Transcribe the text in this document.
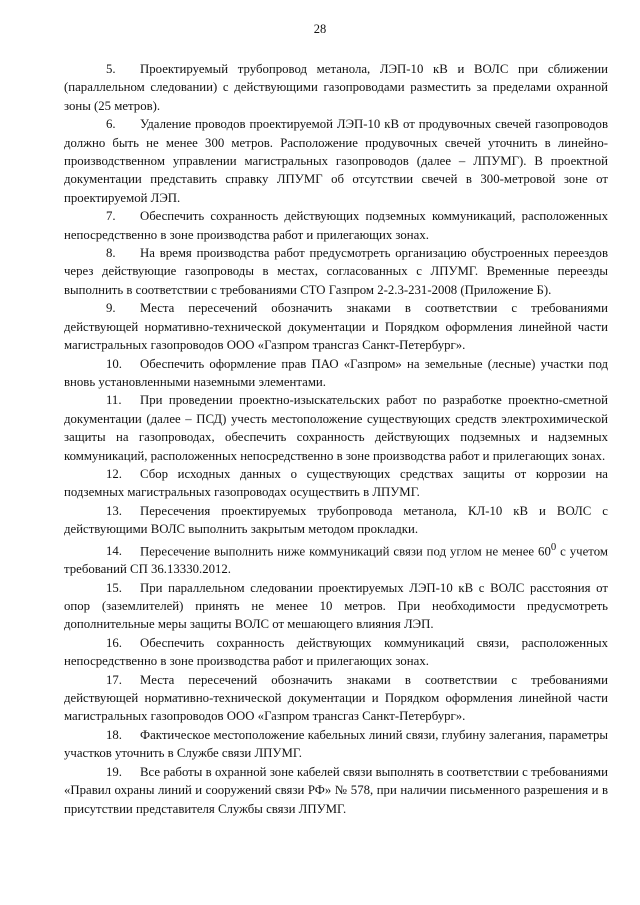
28

5. Проектируемый трубопровод метанола, ЛЭП-10 кВ и ВОЛС при сближении (параллельном следовании) с действующими газопроводами разместить за пределами охранной зоны (25 метров).

6. Удаление проводов проектируемой ЛЭП-10 кВ от продувочных свечей газопроводов должно быть не менее 300 метров. Расположение продувочных свечей уточнить в линейно-производственном управлении магистральных газопроводов (далее – ЛПУМГ). В проектной документации представить справку ЛПУМГ об отсутствии свечей в 300-метровой зоне от проектируемой ЛЭП.

7. Обеспечить сохранность действующих подземных коммуникаций, расположенных непосредственно в зоне производства работ и прилегающих зонах.

8. На время производства работ предусмотреть организацию обустроенных переездов через действующие газопроводы в местах, согласованных с ЛПУМГ. Временные переезды выполнить в соответствии с требованиями СТО Газпром 2-2.3-231-2008 (Приложение Б).

9. Места пересечений обозначить знаками в соответствии с требованиями действующей нормативно-технической документации и Порядком оформления линейной части магистральных газопроводов ООО «Газпром трансгаз Санкт-Петербург».

10. Обеспечить оформление прав ПАО «Газпром» на земельные (лесные) участки под вновь установленными наземными элементами.

11. При проведении проектно-изыскательских работ по разработке проектно-сметной документации (далее – ПСД) учесть местоположение существующих средств электрохимической защиты на газопроводах, обеспечить сохранность действующих подземных и надземных коммуникаций, расположенных непосредственно в зоне производства работ и прилегающих зонах.

12. Сбор исходных данных о существующих средствах защиты от коррозии на подземных магистральных газопроводах осуществить в ЛПУМГ.

13. Пересечения проектируемых трубопровода метанола, КЛ-10 кВ и ВОЛС с действующими ВОЛС выполнить закрытым методом прокладки.

14. Пересечение выполнить ниже коммуникаций связи под углом не менее $60^0$ с учетом требований СП 36.13330.2012.

15. При параллельном следовании проектируемых ЛЭП-10 кВ с ВОЛС расстояния от опор (заземлителей) принять не менее 10 метров. При необходимости предусмотреть дополнительные меры защиты ВОЛС от мешающего влияния ЛЭП.

16. Обеспечить сохранность действующих коммуникаций связи, расположенных непосредственно в зоне производства работ и прилегающих зонах.

17. Места пересечений обозначить знаками в соответствии с требованиями действующей нормативно-технической документации и Порядком оформления линейной части магистральных газопроводов ООО «Газпром трансгаз Санкт-Петербург».

18. Фактическое местоположение кабельных линий связи, глубину залегания, параметры участков уточнить в Службе связи ЛПУМГ.

19. Все работы в охранной зоне кабелей связи выполнять в соответствии с требованиями «Правил охраны линий и сооружений связи РФ» № 578, при наличии письменного разрешения и в присутствии представителя Службы связи ЛПУМГ.
